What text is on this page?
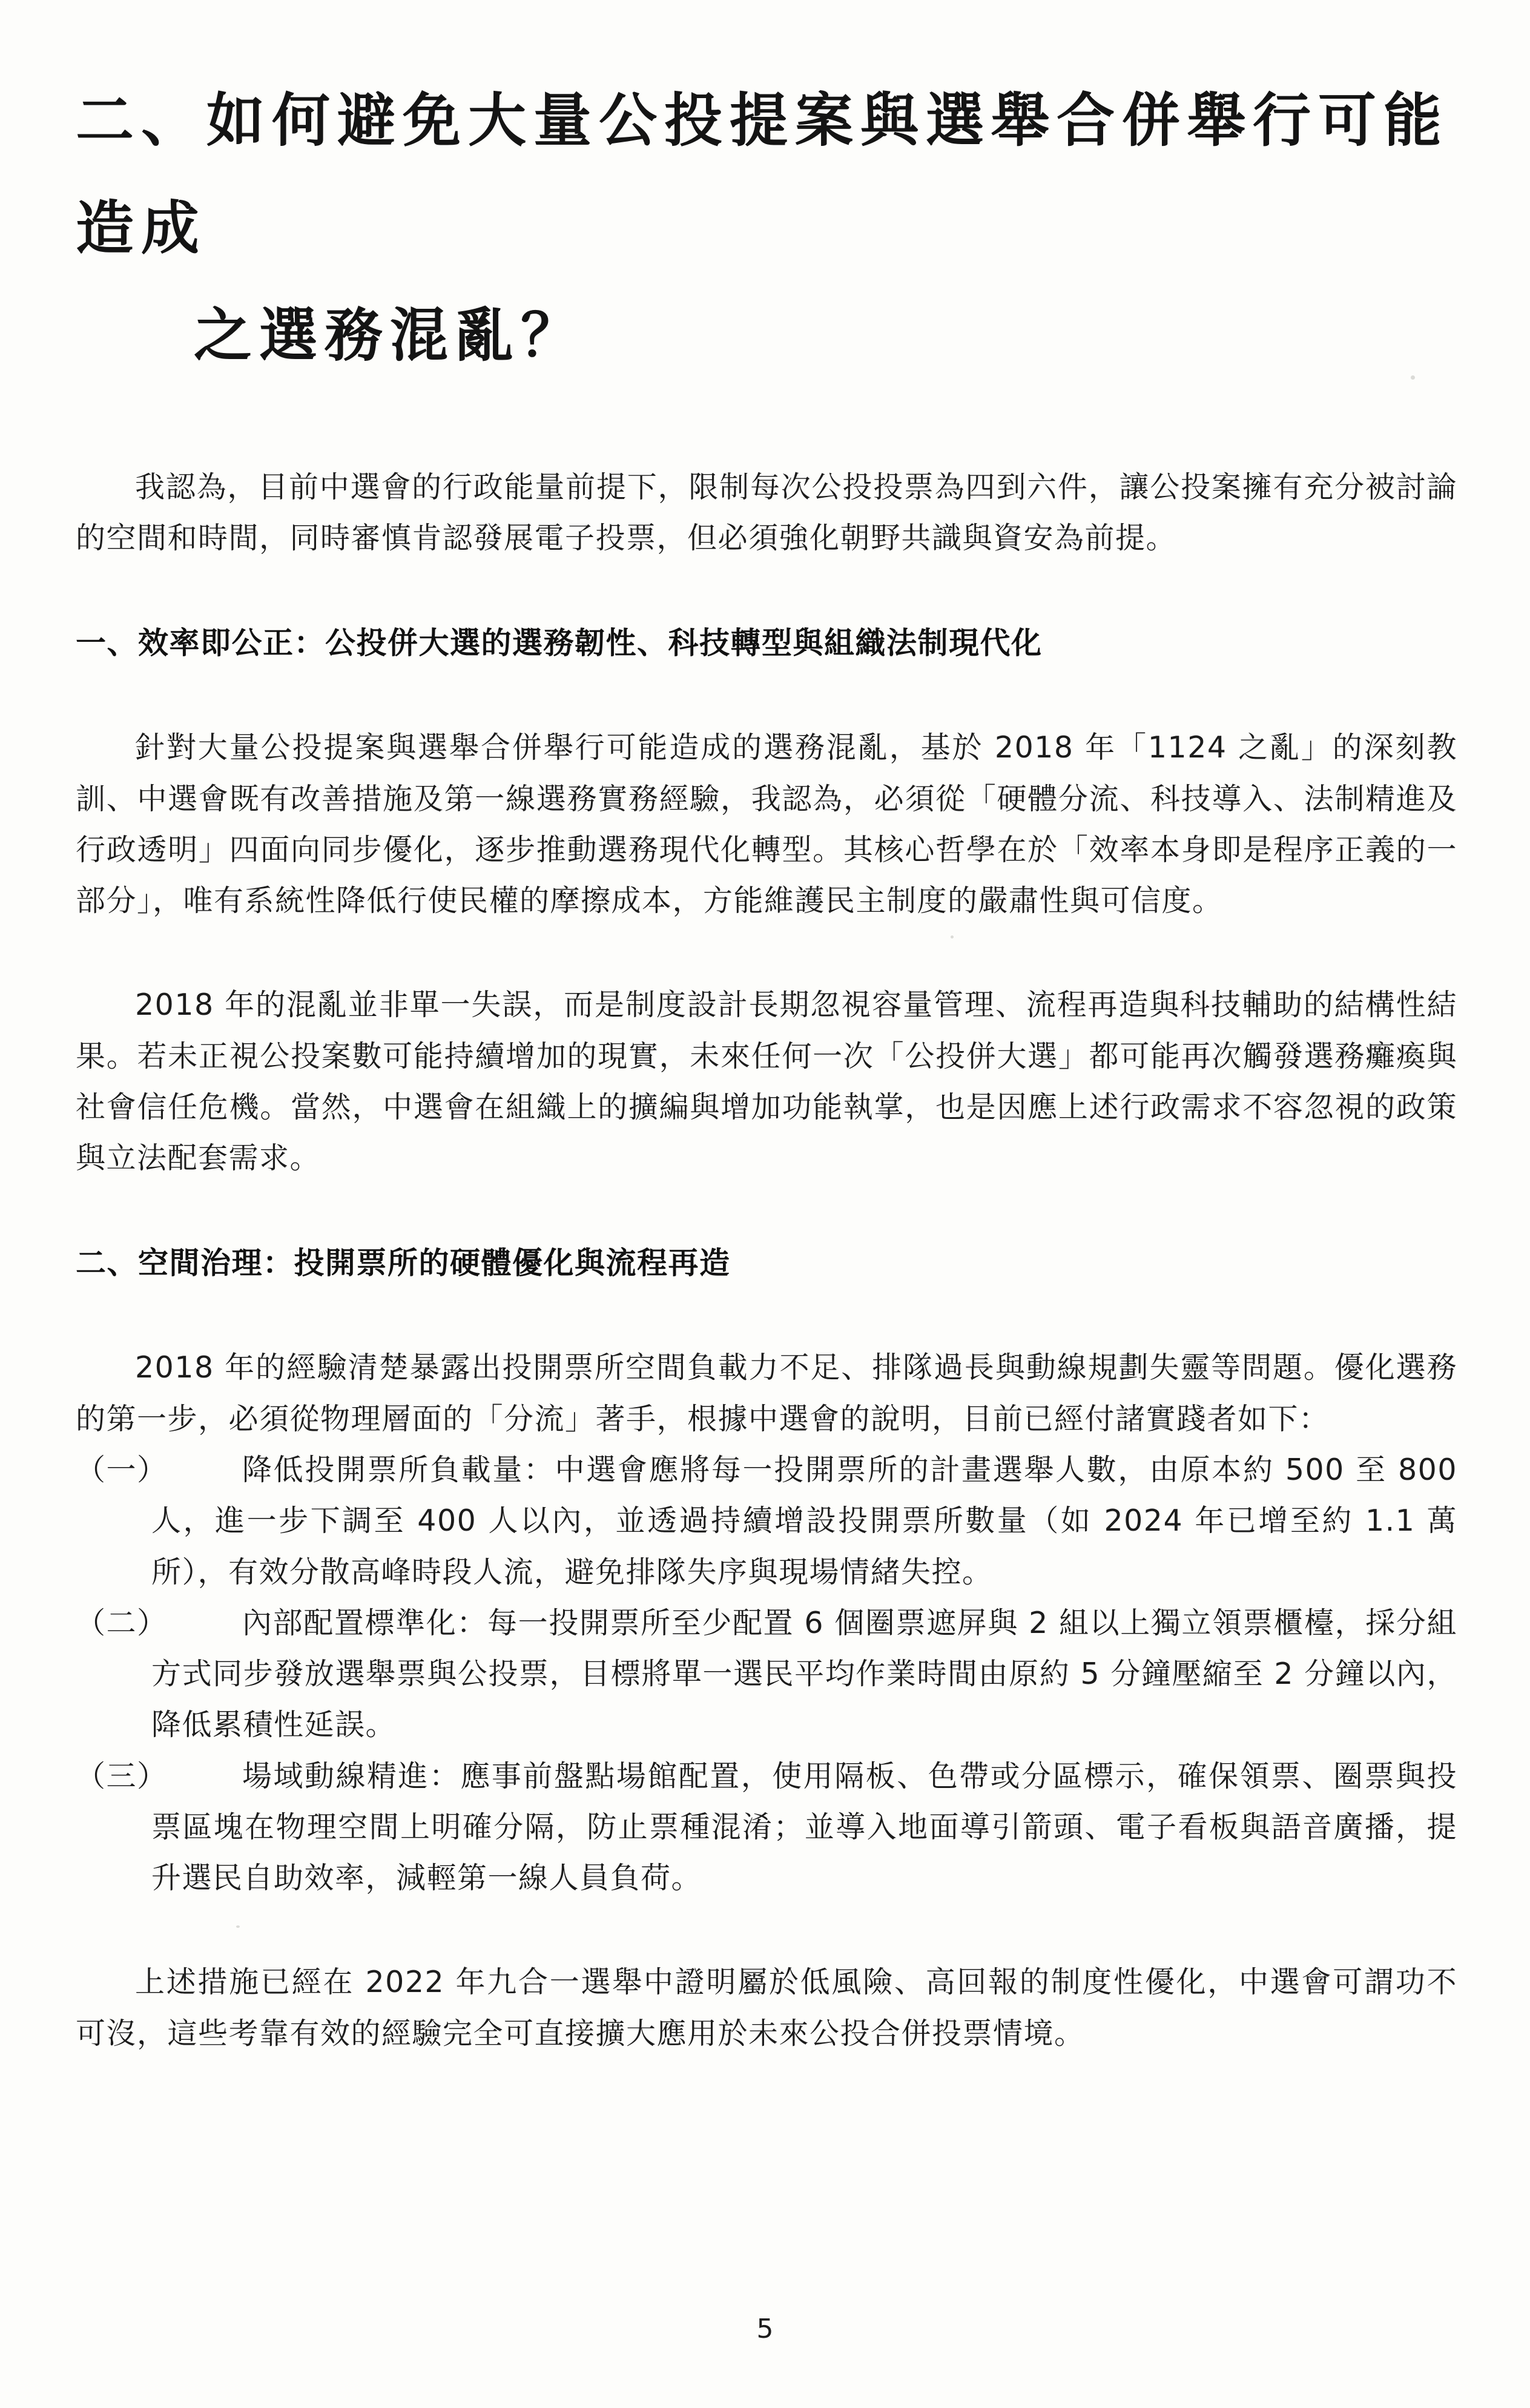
二、如何避免大量公投提案與選舉合併舉行可能造成
之選務混亂？

我認為，目前中選會的行政能量前提下，限制每次公投投票為四到六件，讓公投案擁有充分被討論的空間和時間，同時審慎肯認發展電子投票，但必須強化朝野共識與資安為前提。

一、效率即公正：公投併大選的選務韌性、科技轉型與組織法制現代化

針對大量公投提案與選舉合併舉行可能造成的選務混亂，基於 2018 年「1124 之亂」的深刻教訓、中選會既有改善措施及第一線選務實務經驗，我認為，必須從「硬體分流、科技導入、法制精進及行政透明」四面向同步優化，逐步推動選務現代化轉型。其核心哲學在於「效率本身即是程序正義的一部分」，唯有系統性降低行使民權的摩擦成本，方能維護民主制度的嚴肅性與可信度。

2018 年的混亂並非單一失誤，而是制度設計長期忽視容量管理、流程再造與科技輔助的結構性結果。若未正視公投案數可能持續增加的現實，未來任何一次「公投併大選」都可能再次觸發選務癱瘓與社會信任危機。當然，中選會在組織上的擴編與增加功能執掌，也是因應上述行政需求不容忽視的政策與立法配套需求。

二、空間治理：投開票所的硬體優化與流程再造

2018 年的經驗清楚暴露出投開票所空間負載力不足、排隊過長與動線規劃失靈等問題。優化選務的第一步，必須從物理層面的「分流」著手，根據中選會的說明，目前已經付諸實踐者如下：

（一）	降低投開票所負載量：中選會應將每一投開票所的計畫選舉人數，由原本約 500 至 800 人，進一步下調至 400 人以內，並透過持續增設投開票所數量（如 2024 年已增至約 1.1 萬所），有效分散高峰時段人流，避免排隊失序與現場情緒失控。

（二）	內部配置標準化：每一投開票所至少配置 6 個圈票遮屏與 2 組以上獨立領票櫃檯，採分組方式同步發放選舉票與公投票，目標將單一選民平均作業時間由原約 5 分鐘壓縮至 2 分鐘以內，降低累積性延誤。

（三）	場域動線精進：應事前盤點場館配置，使用隔板、色帶或分區標示，確保領票、圈票與投票區塊在物理空間上明確分隔，防止票種混淆；並導入地面導引箭頭、電子看板與語音廣播，提升選民自助效率，減輕第一線人員負荷。

上述措施已經在 2022 年九合一選舉中證明屬於低風險、高回報的制度性優化，中選會可謂功不可沒，這些考靠有效的經驗完全可直接擴大應用於未來公投合併投票情境。

5
